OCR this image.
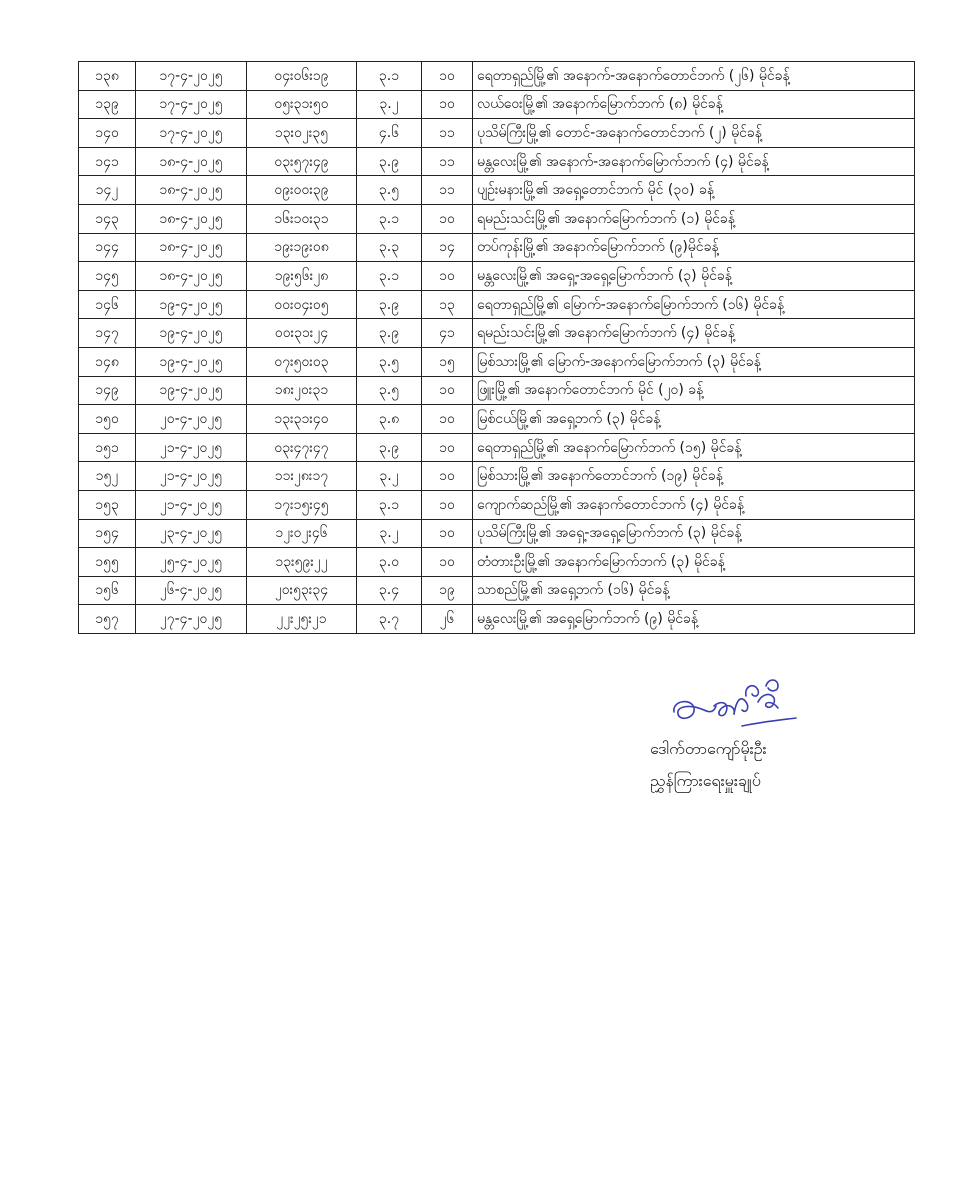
၁၃၈	၁၇-၄-၂၀၂၅	၀၄း၀၆း၁၉	၃.၁	၁၀	ရေတာရှည်မြို့၏ အနောက်-အနောက်တောင်ဘက် (၂၆) မိုင်ခန့်
၁၃၉	၁၇-၄-၂၀၂၅	၀၅း၃၁း၅၀	၃.၂	၁၀	လယ်ဝေးမြို့၏ အနောက်မြောက်ဘက် (၈) မိုင်ခန့်
၁၄၀	၁၇-၄-၂၀၂၅	၁၃း၀၂း၃၅	၄.၆	၁၁	ပုသိမ်ကြီးမြို့၏ တောင်-အနောက်တောင်ဘက် (၂) မိုင်ခန့်
၁၄၁	၁၈-၄-၂၀၂၅	၀၃း၅၇း၄၉	၃.၉	၁၁	မန္တလေးမြို့၏ အနောက်-အနောက်မြောက်ဘက် (၄) မိုင်ခန့်
၁၄၂	၁၈-၄-၂၀၂၅	၀၉း၀၀း၃၉	၃.၅	၁၁	ပျဉ်းမနားမြို့၏ အရှေ့တောင်ဘက် မိုင် (၃၀) ခန့်
၁၄၃	၁၈-၄-၂၀၂၅	၁၆း၁၀း၃၁	၃.၁	၁၀	ရမည်းသင်းမြို့၏ အနောက်မြောက်ဘက် (၁) မိုင်ခန့်
၁၄၄	၁၈-၄-၂၀၂၅	၁၉း၁၉း၀၈	၃.၃	၁၄	တပ်ကုန်းမြို့၏ အနောက်မြောက်ဘက် (၉)မိုင်ခန့်
၁၄၅	၁၈-၄-၂၀၂၅	၁၉း၅၆း၂၈	၃.၁	၁၀	မန္တလေးမြို့၏ အရှေ့-အရှေ့မြောက်ဘက် (၃) မိုင်ခန့်
၁၄၆	၁၉-၄-၂၀၂၅	၀၀း၀၄း၀၅	၃.၉	၁၃	ရေတာရှည်မြို့၏ မြောက်-အနောက်မြောက်ဘက် (၁၆) မိုင်ခန့်
၁၄၇	၁၉-၄-၂၀၂၅	၀၀း၃၁း၂၄	၃.၉	၄၁	ရမည်းသင်းမြို့၏ အနောက်မြောက်ဘက် (၄) မိုင်ခန့်
၁၄၈	၁၉-၄-၂၀၂၅	၀၇း၅၀း၀၃	၃.၅	၁၅	မြစ်သားမြို့၏ မြောက်-အနောက်မြောက်ဘက် (၃) မိုင်ခန့်
၁၄၉	၁၉-၄-၂၀၂၅	၁၈း၂၀း၃၁	၃.၅	၁၀	ဖြူးမြို့၏ အနောက်တောင်ဘက် မိုင် (၂၀) ခန့်
၁၅၀	၂၀-၄-၂၀၂၅	၁၃း၃၁း၄၀	၃.၈	၁၀	မြစ်ငယ်မြို့၏ အရှေ့ဘက် (၃) မိုင်ခန့်
၁၅၁	၂၁-၄-၂၀၂၅	၀၃း၄၇း၄၇	၃.၉	၁၀	ရေတာရှည်မြို့၏ အနောက်မြောက်ဘက် (၁၅) မိုင်ခန့်
၁၅၂	၂၁-၄-၂၀၂၅	၁၁း၂၈း၁၇	၃.၂	၁၀	မြစ်သားမြို့၏ အနောက်တောင်ဘက် (၁၉) မိုင်ခန့်
၁၅၃	၂၁-၄-၂၀၂၅	၁၇း၁၅း၄၅	၃.၁	၁၀	ကျောက်ဆည်မြို့၏ အနောက်တောင်ဘက် (၄) မိုင်ခန့်
၁၅၄	၂၃-၄-၂၀၂၅	၁၂း၀၂း၄၆	၃.၂	၁၀	ပုသိမ်ကြီးမြို့၏ အရှေ့-အရှေ့မြောက်ဘက် (၃) မိုင်ခန့်
၁၅၅	၂၅-၄-၂၀၂၅	၁၃း၅၉း၂၂	၃.၀	၁၀	တံတားဦးမြို့၏ အနောက်မြောက်ဘက် (၃) မိုင်ခန့်
၁၅၆	၂၆-၄-၂၀၂၅	၂၀း၅၃း၃၄	၃.၄	၁၉	သာစည်မြို့၏ အရှေ့ဘက် (၁၆) မိုင်ခန့်
၁၅၇	၂၇-၄-၂၀၂၅	၂၂း၂၅း၂၁	၃.၇	၂၆	မန္တလေးမြို့၏ အရှေ့မြောက်ဘက် (၉) မိုင်ခန့်
ဒေါက်တာကျော်မိုးဦး
ညွှန်ကြားရေးမှူးချုပ်
